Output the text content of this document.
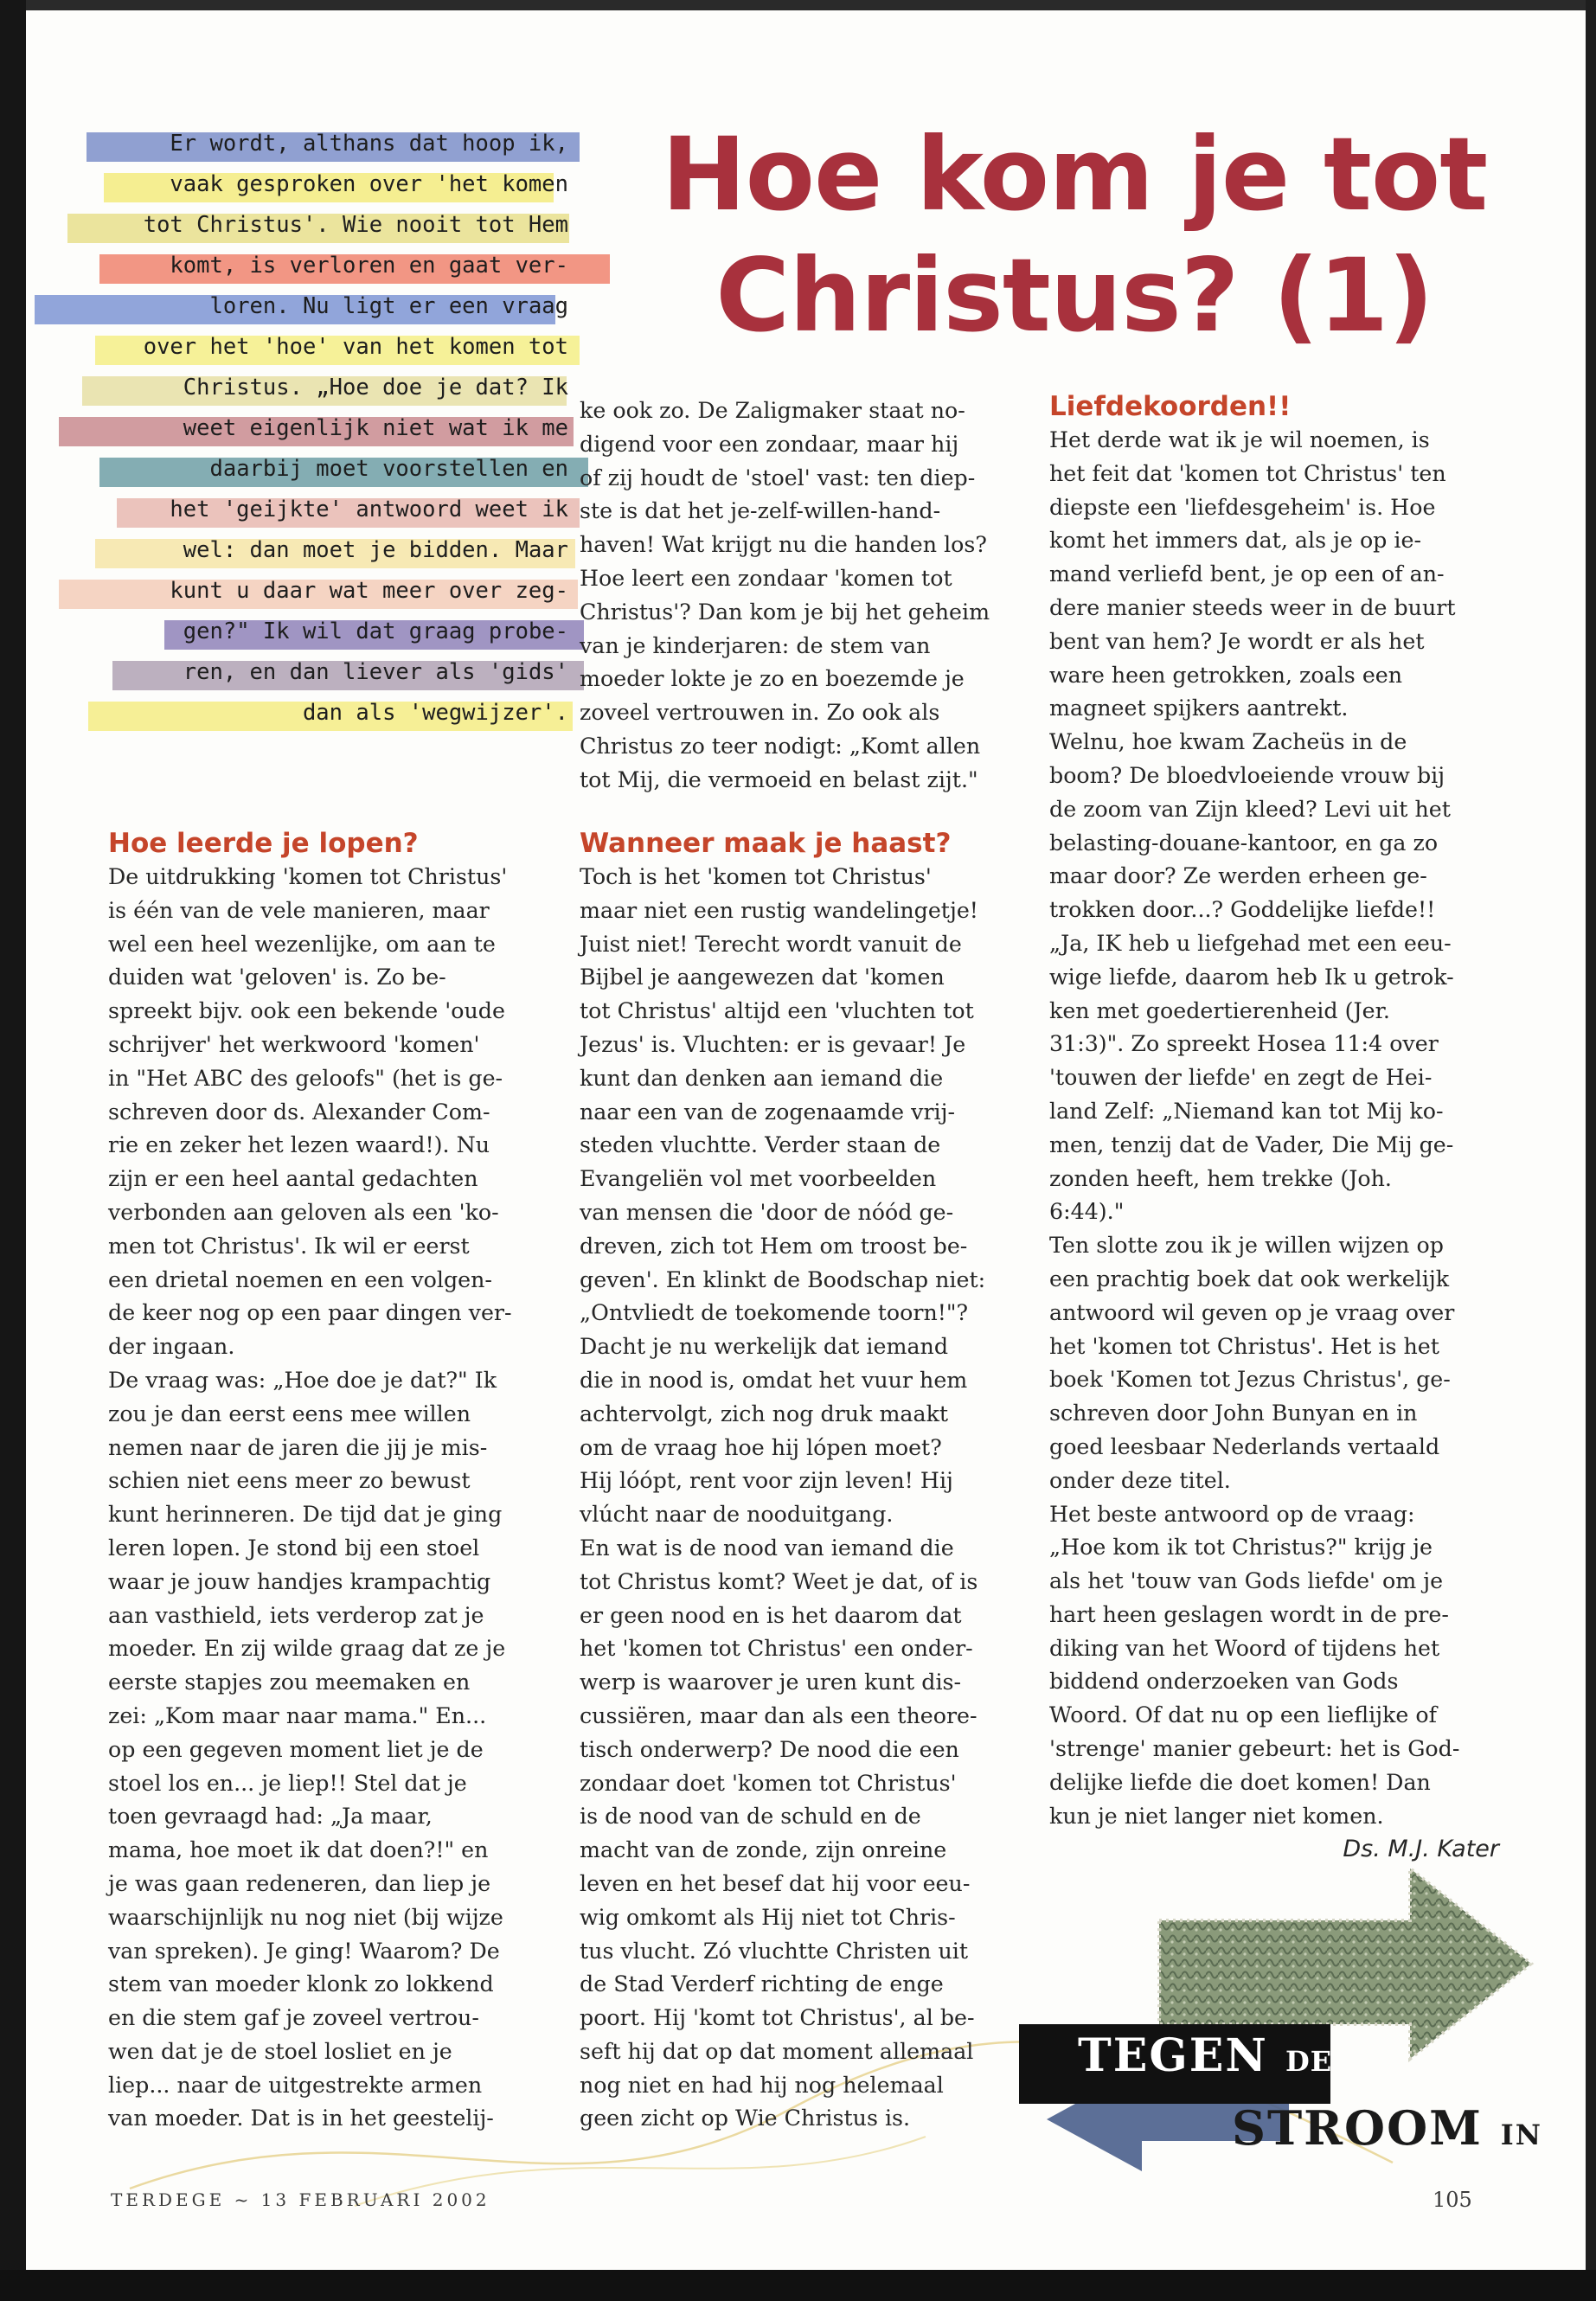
Er wordt, althans dat hoop ik,
vaak gesproken over 'het komen
tot Christus'. Wie nooit tot Hem
komt, is verloren en gaat ver-
loren. Nu ligt er een vraag
over het 'hoe' van het komen tot
Christus. „Hoe doe je dat? Ik
weet eigenlijk niet wat ik me
daarbij moet voorstellen en
het 'geijkte' antwoord weet ik
wel: dan moet je bidden. Maar
kunt u daar wat meer over zeg-
gen?" Ik wil dat graag probe-
ren, en dan liever als 'gids'
dan als 'wegwijzer'.
Hoe kom je tot
Christus? (1)
Hoe leerde je lopen?

De uitdrukking 'komen tot Christus'

is één van de vele manieren, maar

wel een heel wezenlijke, om aan te

duiden wat 'geloven' is. Zo be-

spreekt bijv. ook een bekende 'oude

schrijver' het werkwoord 'komen'

in "Het ABC des geloofs" (het is ge-

schreven door ds. Alexander Com-

rie en zeker het lezen waard!). Nu

zijn er een heel aantal gedachten

verbonden aan geloven als een 'ko-

men tot Christus'. Ik wil er eerst

een drietal noemen en een volgen-

de keer nog op een paar dingen ver-

der ingaan.

De vraag was: „Hoe doe je dat?" Ik

zou je dan eerst eens mee willen

nemen naar de jaren die jij je mis-

schien niet eens meer zo bewust

kunt herinneren. De tijd dat je ging

leren lopen. Je stond bij een stoel

waar je jouw handjes krampachtig

aan vasthield, iets verderop zat je

moeder. En zij wilde graag dat ze je

eerste stapjes zou meemaken en

zei: „Kom maar naar mama." En...

op een gegeven moment liet je de

stoel los en... je liep!! Stel dat je

toen gevraagd had: „Ja maar,

mama, hoe moet ik dat doen?!" en

je was gaan redeneren, dan liep je

waarschijnlijk nu nog niet (bij wijze

van spreken). Je ging! Waarom? De

stem van moeder klonk zo lokkend

en die stem gaf je zoveel vertrou-

wen dat je de stoel losliet en je

liep... naar de uitgestrekte armen

van moeder. Dat is in het geestelij-

ke ook zo. De Zaligmaker staat no-

digend voor een zondaar, maar hij

of zij houdt de 'stoel' vast: ten diep-

ste is dat het je-zelf-willen-hand-

haven! Wat krijgt nu die handen los?

Hoe leert een zondaar 'komen tot

Christus'? Dan kom je bij het geheim

van je kinderjaren: de stem van

moeder lokte je zo en boezemde je

zoveel vertrouwen in. Zo ook als

Christus zo teer nodigt: „Komt allen

tot Mij, die vermoeid en belast zijt."

Wanneer maak je haast?

Toch is het 'komen tot Christus'

maar niet een rustig wandelingetje!

Juist niet! Terecht wordt vanuit de

Bijbel je aangewezen dat 'komen

tot Christus' altijd een 'vluchten tot

Jezus' is. Vluchten: er is gevaar! Je

kunt dan denken aan iemand die

naar een van de zogenaamde vrij-

steden vluchtte. Verder staan de

Evangeliën vol met voorbeelden

van mensen die 'door de nóód ge-

dreven, zich tot Hem om troost be-

geven'. En klinkt de Boodschap niet:

„Ontvliedt de toekomende toorn!"?

Dacht je nu werkelijk dat iemand

die in nood is, omdat het vuur hem

achtervolgt, zich nog druk maakt

om de vraag hoe hij lópen moet?

Hij lóópt, rent voor zijn leven! Hij

vlúcht naar de nooduitgang.

En wat is de nood van iemand die

tot Christus komt? Weet je dat, of is

er geen nood en is het daarom dat

het 'komen tot Christus' een onder-

werp is waarover je uren kunt dis-

cussiëren, maar dan als een theore-

tisch onderwerp? De nood die een

zondaar doet 'komen tot Christus'

is de nood van de schuld en de

macht van de zonde, zijn onreine

leven en het besef dat hij voor eeu-

wig omkomt als Hij niet tot Chris-

tus vlucht. Zó vluchtte Christen uit

de Stad Verderf richting de enge

poort. Hij 'komt tot Christus', al be-

seft hij dat op dat moment allemaal

nog niet en had hij nog helemaal

geen zicht op Wie Christus is.

Liefdekoorden!!

Het derde wat ik je wil noemen, is

het feit dat 'komen tot Christus' ten

diepste een 'liefdesgeheim' is. Hoe

komt het immers dat, als je op ie-

mand verliefd bent, je op een of an-

dere manier steeds weer in de buurt

bent van hem? Je wordt er als het

ware heen getrokken, zoals een

magneet spijkers aantrekt.

Welnu, hoe kwam Zacheüs in de

boom? De bloedvloeiende vrouw bij

de zoom van Zijn kleed? Levi uit het

belasting-douane-kantoor, en ga zo

maar door? Ze werden erheen ge-

trokken door...? Goddelijke liefde!!

„Ja, IK heb u liefgehad met een eeu-

wige liefde, daarom heb Ik u getrok-

ken met goedertierenheid (Jer.

31:3)". Zo spreekt Hosea 11:4 over

'touwen der liefde' en zegt de Hei-

land Zelf: „Niemand kan tot Mij ko-

men, tenzij dat de Vader, Die Mij ge-

zonden heeft, hem trekke (Joh.

6:44)."

Ten slotte zou ik je willen wijzen op

een prachtig boek dat ook werkelijk

antwoord wil geven op je vraag over

het 'komen tot Christus'. Het is het

boek 'Komen tot Jezus Christus', ge-

schreven door John Bunyan en in

goed leesbaar Nederlands vertaald

onder deze titel.

Het beste antwoord op de vraag:

„Hoe kom ik tot Christus?" krijg je

als het 'touw van Gods liefde' om je

hart heen geslagen wordt in de pre-

diking van het Woord of tijdens het

biddend onderzoeken van Gods

Woord. Of dat nu op een lieflijke of

'strenge' manier gebeurt: het is God-

delijke liefde die doet komen! Dan

kun je niet langer niet komen.

Ds. M.J. Kater
TEGEN DE
STROOM IN
TERDEGE ~ 13 FEBRUARI 2002	105
